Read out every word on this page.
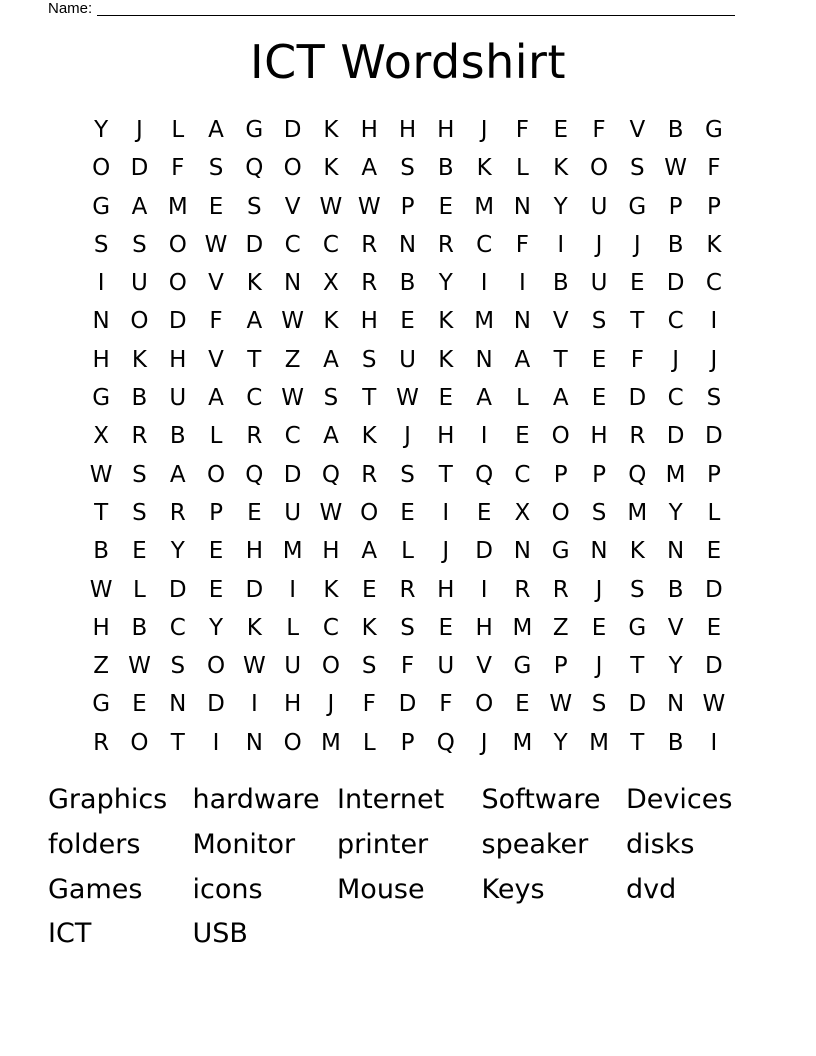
Name:
ICT Wordshirt
Y	J	L	A G D K H H H	J	F	E	F	V B G
O D F	S Q O K A	S	B K	L	K O S W F
G A M E	S	V W W P	E M N Y U G P	P
S	S O W D C C R N R C	F	I	J	J	B K
I	U O V K N X R B	Y	I	I	B U E D C
N O D F	A W K H E	K M N V	S	T	C	I
H K H V	T	Z A	S U K N A	T	E	F	J	J
G B U A C W S	T W E	A	L	A	E D C S
X R B	L	R C A K	J	H	I	E O H R D D
W S	A O Q D Q R	S	T Q C	P	P Q M P
T	S	R	P	E U W O E	I	E	X O S M Y	L
B	E	Y	E H M H A	L	J	D N G N K N E
W L	D E D	I	K	E	R H	I	R R	J	S	B D
H B C	Y	K	L	C K	S	E H M Z	E G V	E
Z W S O W U O S	F	U V G P	J	T	Y D
G E N D	I	H	J	F D F O E W S D N W
R O T	I	N O M L	P Q	J	M Y M T	B	I
Graphics hardware Internet	Software Devices
folders	Monitor	printer	speaker	disks
Games	icons	Mouse	Keys	dvd
ICT	USB
